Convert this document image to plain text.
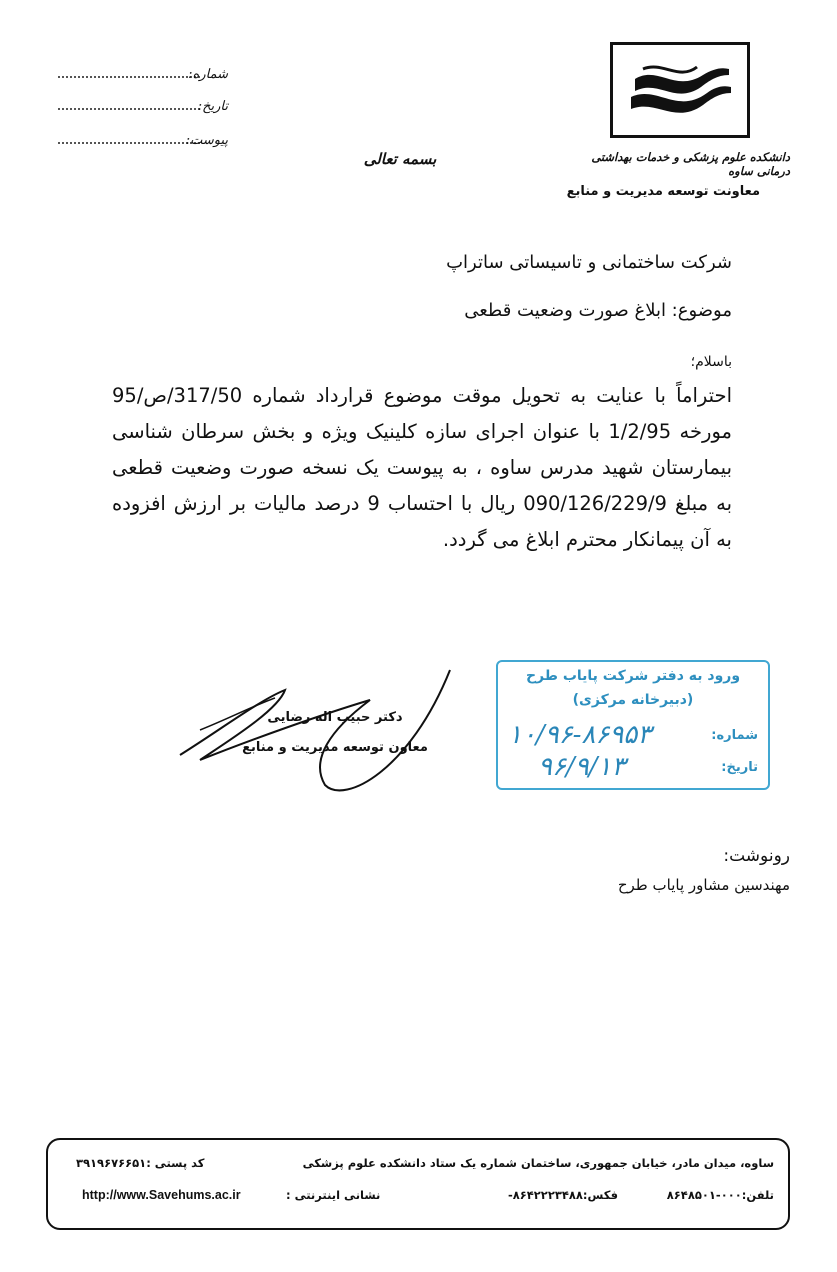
شماره:
تاریخ:
پیوست:
بسمه تعالی	دانشکده علوم پزشکی و خدمات بهداشتی درمانی ساوه
معاونت توسعه مدیریت و منابع
شرکت ساختمانی و تاسیساتی ساتراپ
موضوع: ابلاغ صورت وضعیت قطعی
باسلام؛
احتراماً با عنایت به تحویل موقت موضوع قرارداد شماره 317/50/ص/95 مورخه 1/2/95 با عنوان اجرای سازه کلینیک ویژه و بخش سرطان شناسی بیمارستان شهید مدرس ساوه ، به پیوست یک نسخه صورت وضعیت قطعی به مبلغ 090/126/229/9 ریال با احتساب 9 درصد مالیات بر ارزش افزوده به آن پیمانکار محترم ابلاغ می گردد.
دکتر حبیب اله رضایی
معاون توسعه مدیریت و منابع
ورود به دفتر شرکت پایاب طرح
(دبیرخانه مرکزی)
شماره:
۱۰/۹۶-۸۶۹۵۳
تاریخ:
۹۶/۹/۱۳
رونوشت:
مهندسین مشاور پایاب طرح
ساوه، میدان مادر، خیابان جمهوری، ساختمان شماره یک ستاد دانشکده علوم پزشکی
کد پستی :۳۹۱۹۶۷۶۶۵۱
تلفن:۰۰۰-۸۶۴۸۵۰۱
فکس:۸۶۴۲۲۲۳۴۸۸-
نشانی اینترنتی :
http://www.Savehums.ac.ir
